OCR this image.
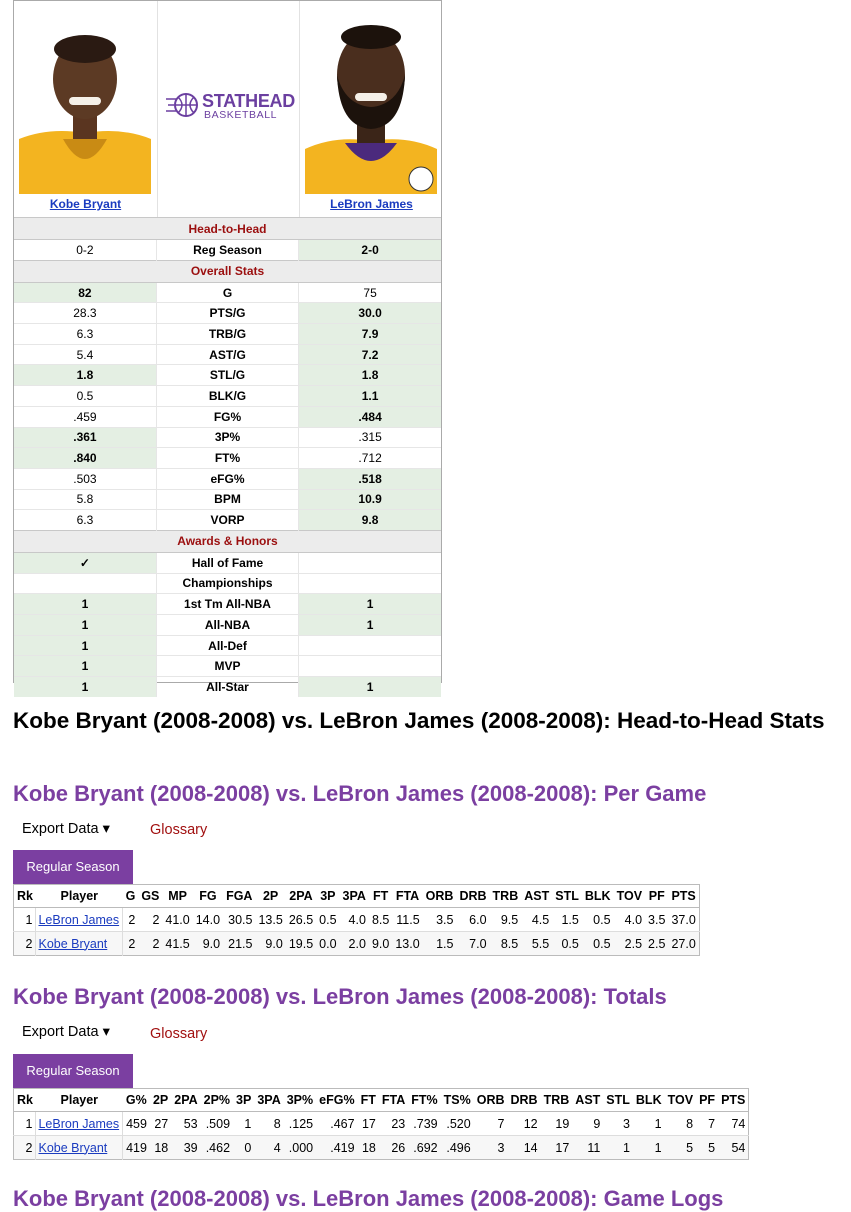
Kobe Bryant
STATHEAD
BASKETBALL
LeBron James
Head-to-Head		
0-2	Reg Season	2-0
Overall Stats		
82	G	75
28.3	PTS/G	30.0
6.3	TRB/G	7.9
5.4	AST/G	7.2
1.8	STL/G	1.8
0.5	BLK/G	1.1
.459	FG%	.484
.361	3P%	.315
.840	FT%	.712
.503	eFG%	.518
5.8	BPM	10.9
6.3	VORP	9.8
Awards & Honors		
✓	Hall of Fame	
	Championships	
1	1st Tm All-NBA	1
1	All-NBA	1
1	All-Def	
1	MVP	
1	All-Star	1
Kobe Bryant (2008-2008) vs. LeBron James (2008-2008): Head-to-Head Stats
Kobe Bryant (2008-2008) vs. LeBron James (2008-2008): Per Game
Export Data ▾	Glossary
Regular Season
Rk	Player	G	GS	MP	FG	FGA	2P	2PA	3P	3PA	FT	FTA	ORB	DRB	TRB	AST	STL	BLK	TOV	PF	PTS
1	LeBron James	2	2	41.0	14.0	30.5	13.5	26.5	0.5	4.0	8.5	11.5	3.5	6.0	9.5	4.5	1.5	0.5	4.0	3.5	37.0
2	Kobe Bryant	2	2	41.5	9.0	21.5	9.0	19.5	0.0	2.0	9.0	13.0	1.5	7.0	8.5	5.5	0.5	0.5	2.5	2.5	27.0
Kobe Bryant (2008-2008) vs. LeBron James (2008-2008): Totals
Export Data ▾	Glossary
Regular Season
Rk	Player	G%	2P	2PA	2P%	3P	3PA	3P%	eFG%	FT	FTA	FT%	TS%	ORB	DRB	TRB	AST	STL	BLK	TOV	PF	PTS
1	LeBron James	459	27	53	.509	1	8	.125	.467	17	23	.739	.520	7	12	19	9	3	1	8	7	74
2	Kobe Bryant	419	18	39	.462	0	4	.000	.419	18	26	.692	.496	3	14	17	11	1	1	5	5	54
Kobe Bryant (2008-2008) vs. LeBron James (2008-2008): Game Logs
